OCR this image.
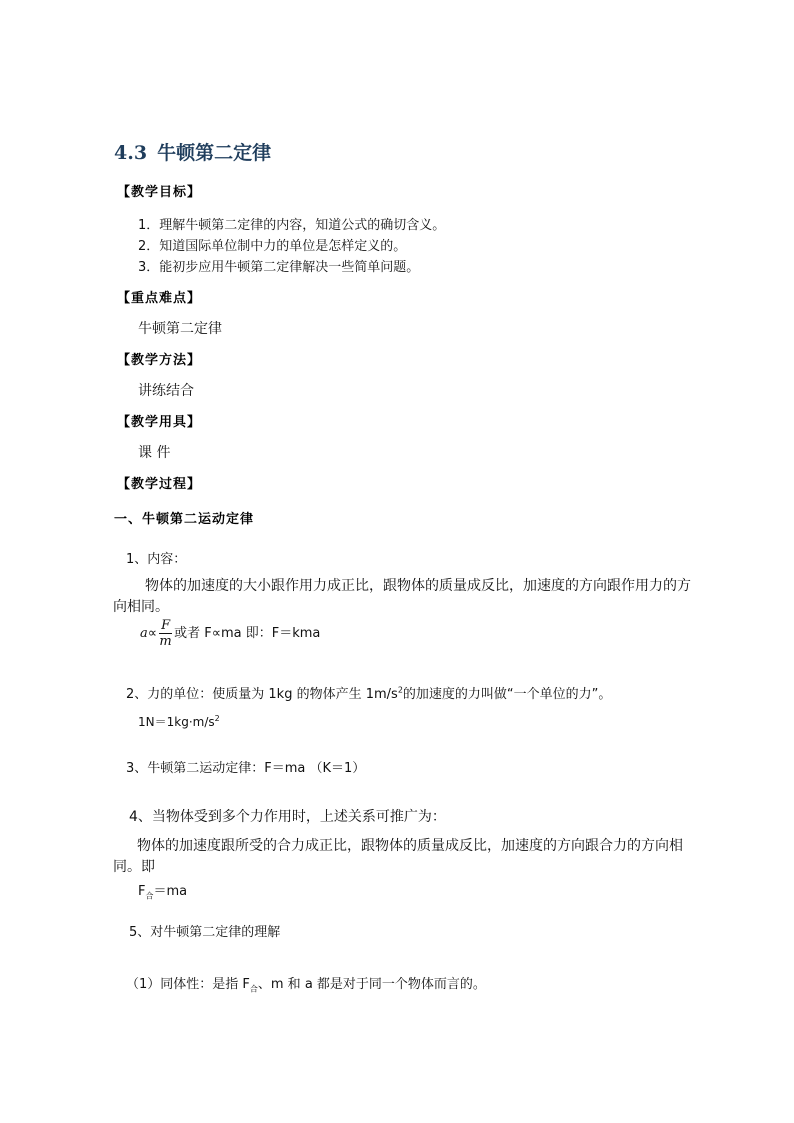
4.3 牛顿第二定律
【教学目标】
1．理解牛顿第二定律的内容，知道公式的确切含义。
2．知道国际单位制中力的单位是怎样定义的。
3．能初步应用牛顿第二定律解决一些简单问题。
【重点难点】
牛顿第二定律
【教学方法】
讲练结合
【教学用具】
课 件
【教学过程】
一、牛顿第二运动定律
1、内容：
物体的加速度的大小跟作用力成正比，跟物体的质量成反比，加速度的方向跟作用力的方向相同。
$a\propto \frac{F}{m}$ 或者 F∝ma 即：F＝kma
2、力的单位：使质量为 1kg 的物体产生 $1m/s^2$的加速度的力叫做“一个单位的力”。
$1N=1kg\cdot m/s^2$
3、牛顿第二运动定律：F＝ma （K＝1）
4、当物体受到多个力作用时，上述关系可推广为：
物体的加速度跟所受的合力成正比，跟物体的质量成反比，加速度的方向跟合力的方向相同。即
$F_合=ma$
5、对牛顿第二定律的理解
（1）同体性：是指 $F_合$、m 和 a 都是对于同一个物体而言的。
